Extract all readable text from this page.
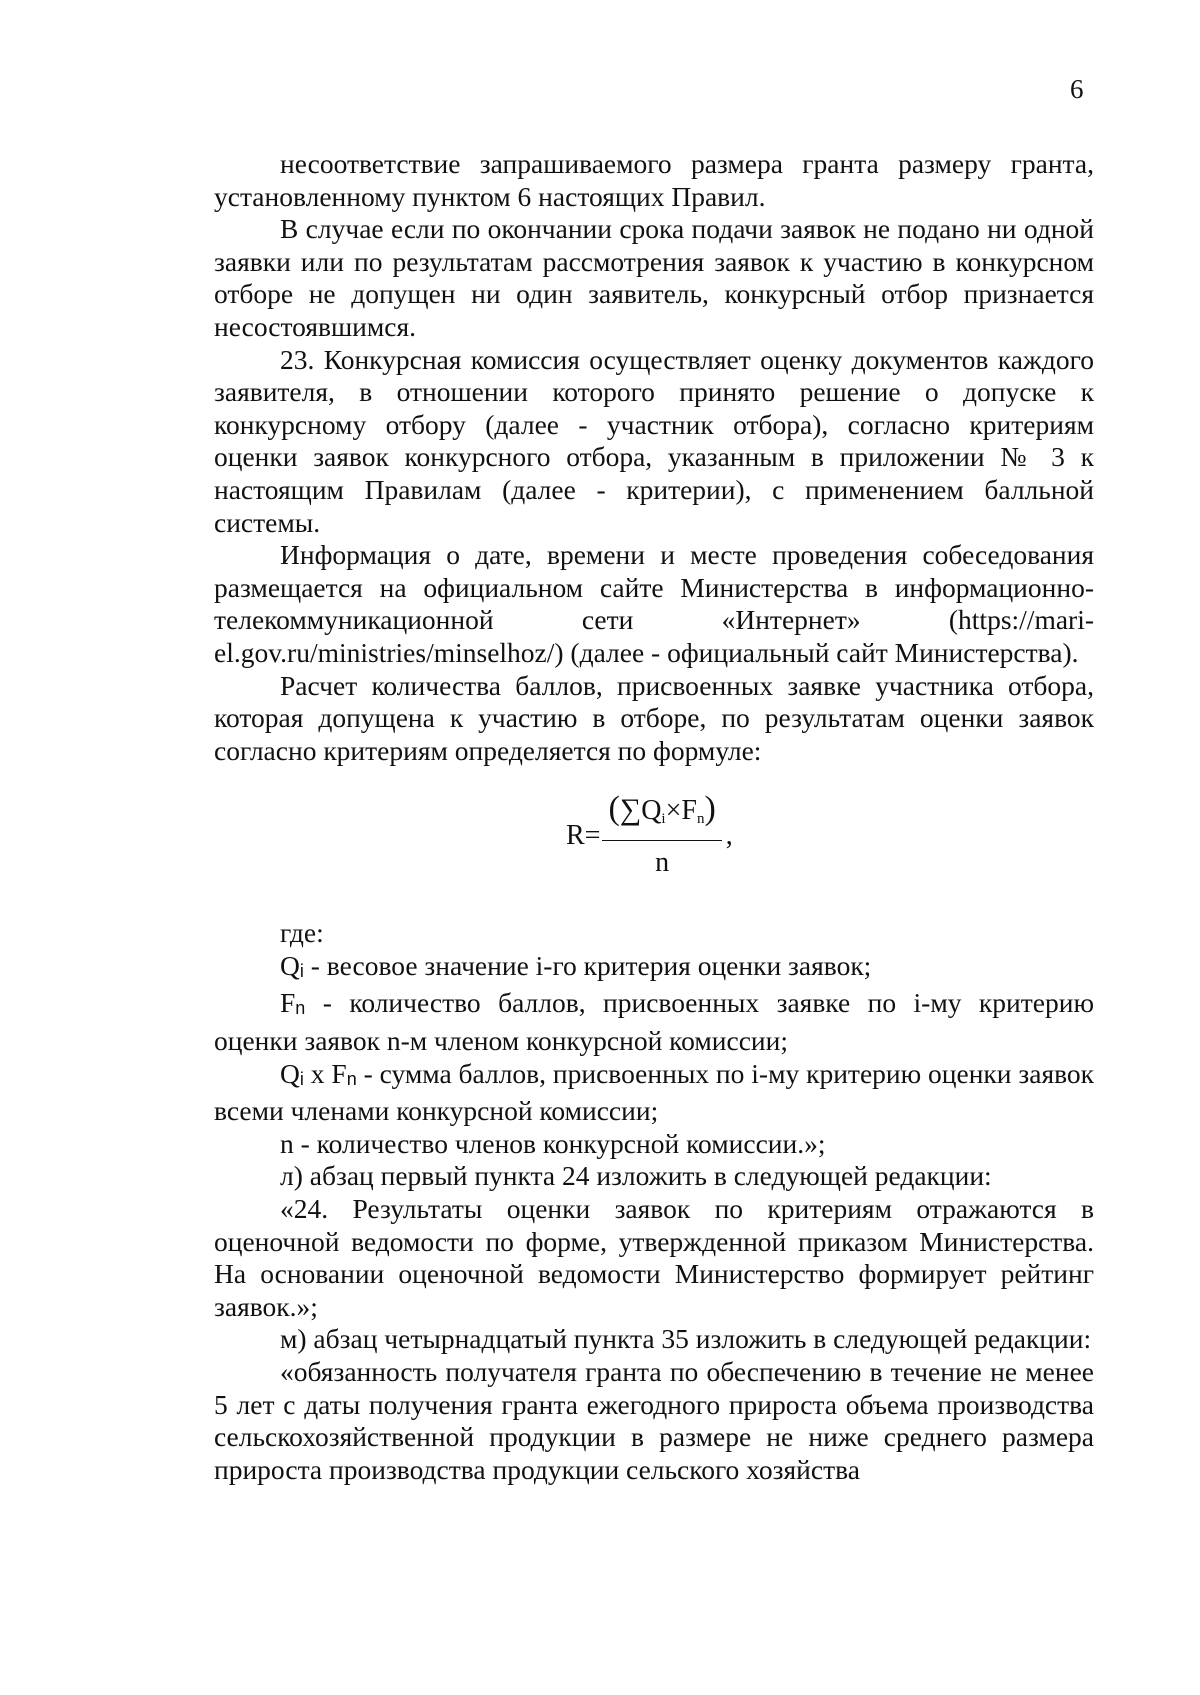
6

несоответствие запрашиваемого размера гранта размеру гранта, установленному пунктом 6 настоящих Правил.

В случае если по окончании срока подачи заявок не подано ни одной заявки или по результатам рассмотрения заявок к участию в конкурсном отборе не допущен ни один заявитель, конкурсный отбор признается несостоявшимся.

23. Конкурсная комиссия осуществляет оценку документов каждого заявителя, в отношении которого принято решение о допуске к конкурсному отбору (далее - участник отбора), согласно критериям оценки заявок конкурсного отбора, указанным в приложении № 3 к настоящим Правилам (далее - критерии), с применением балльной системы.

Информация о дате, времени и месте проведения собеседования размещается на официальном сайте Министерства в информационно-телекоммуникационной сети «Интернет» (https://mari-el.gov.ru/ministries/minselhoz/) (далее - официальный сайт Министерства).

Расчет количества баллов, присвоенных заявке участника отбора, которая допущена к участию в отборе, по результатам оценки заявок согласно критериям определяется по формуле:

$R= \frac{(\sum Qi\times Fn)}{n}$ ,

где:

Qi - весовое значение i-го критерия оценки заявок;

Fn - количество баллов, присвоенных заявке по i-му критерию оценки заявок n-м членом конкурсной комиссии;

Qi x Fn - сумма баллов, присвоенных по i-му критерию оценки заявок всеми членами конкурсной комиссии;

n - количество членов конкурсной комиссии.»;

л) абзац первый пункта 24 изложить в следующей редакции:

«24. Результаты оценки заявок по критериям отражаются в оценочной ведомости по форме, утвержденной приказом Министерства. На основании оценочной ведомости Министерство формирует рейтинг заявок.»;

м) абзац четырнадцатый пункта 35 изложить в следующей редакции:

«обязанность получателя гранта по обеспечению в течение не менее 5 лет с даты получения гранта ежегодного прироста объема производства сельскохозяйственной продукции в размере не ниже среднего размера прироста производства продукции сельского хозяйства
